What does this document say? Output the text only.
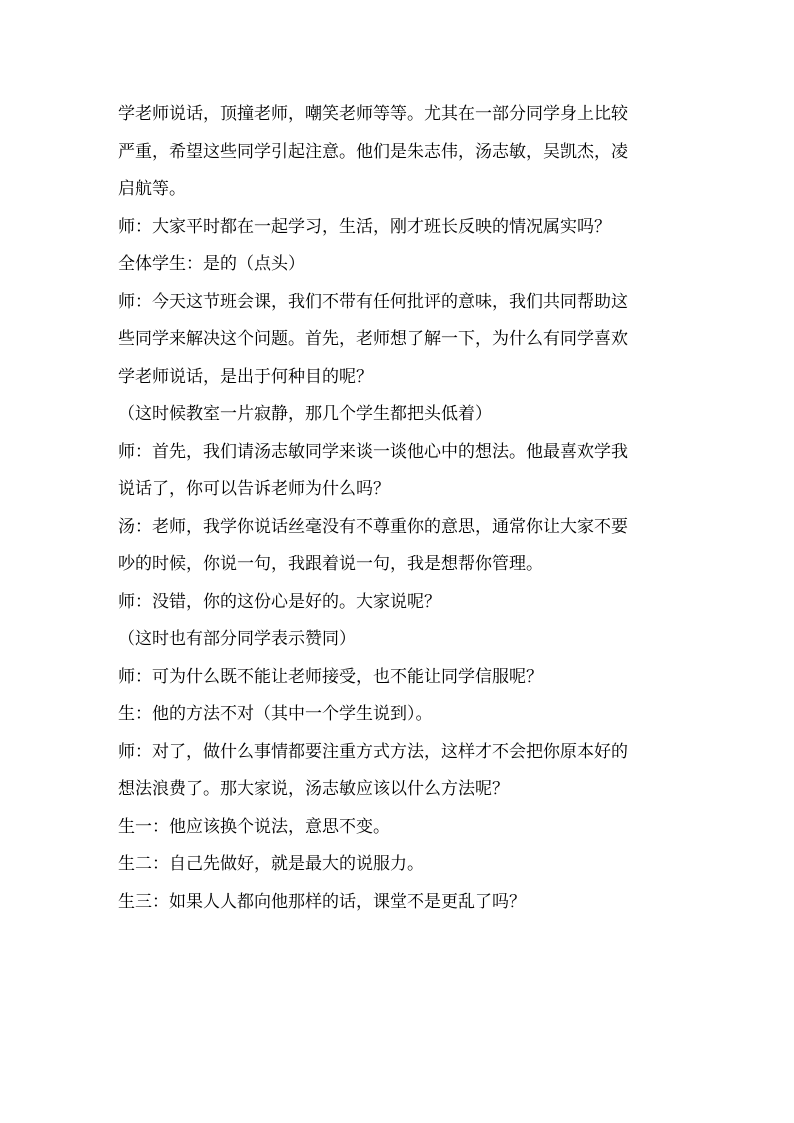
学老师说话，顶撞老师，嘲笑老师等等。尤其在一部分同学身上比较
严重，希望这些同学引起注意。他们是朱志伟，汤志敏，吴凯杰，凌
启航等。

师：大家平时都在一起学习，生活，刚才班长反映的情况属实吗？

全体学生：是的（点头）

师：今天这节班会课，我们不带有任何批评的意味，我们共同帮助这
些同学来解决这个问题。首先，老师想了解一下，为什么有同学喜欢
学老师说话，是出于何种目的呢？

（这时候教室一片寂静，那几个学生都把头低着）

师：首先，我们请汤志敏同学来谈一谈他心中的想法。他最喜欢学我
说话了，你可以告诉老师为什么吗？

汤：老师，我学你说话丝毫没有不尊重你的意思，通常你让大家不要
吵的时候，你说一句，我跟着说一句，我是想帮你管理。

师：没错，你的这份心是好的。大家说呢？

（这时也有部分同学表示赞同）

师：可为什么既不能让老师接受，也不能让同学信服呢？

生：他的方法不对（其中一个学生说到）。

师：对了，做什么事情都要注重方式方法，这样才不会把你原本好的
想法浪费了。那大家说，汤志敏应该以什么方法呢？

生一：他应该换个说法，意思不变。

生二：自己先做好，就是最大的说服力。

生三：如果人人都向他那样的话，课堂不是更乱了吗？
